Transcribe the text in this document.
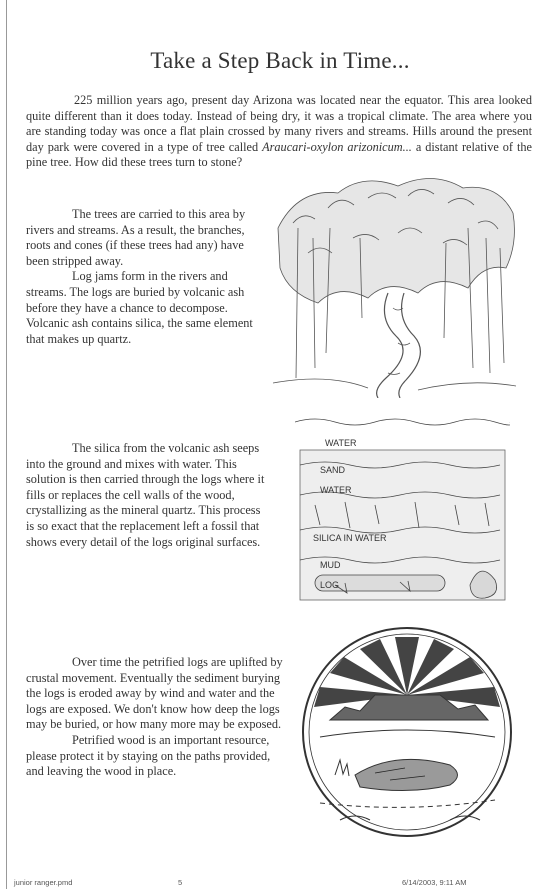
Take a Step Back in Time...
225 million years ago, present day Arizona was located near the equator. This area looked quite different than it does today. Instead of being dry, it was a tropical climate. The area where you are standing today was once a flat plain crossed by many rivers and streams. Hills around the present day park were covered in a type of tree called Araucari-oxylon arizonicum... a distant relative of the pine tree. How did these trees turn to stone?

The trees are carried to this area by rivers and streams. As a result, the branches, roots and cones (if these trees had any) have been stripped away.

Log jams form in the rivers and streams. The logs are buried by volcanic ash before they have a chance to decompose. Volcanic ash contains silica, the same element that makes up quartz.

The silica from the volcanic ash seeps into the ground and mixes with water. This solution is then carried through the logs where it fills or replaces the cell walls of the wood, crystallizing as the mineral quartz. This process is so exact that the replacement left a fossil that shows every detail of the logs original surfaces.

WATER
SAND
WATER
SILICA IN WATER
MUD
LOG

Over time the petrified logs are uplifted by crustal movement. Eventually the sediment burying the logs is eroded away by wind and water and the logs are exposed. We don't know how deep the logs may be buried, or how many more may be exposed.

Petrified wood is an important resource, please protect it by staying on the paths provided, and leaving the wood in place.

junior ranger.pmd	5	6/14/2003, 9:11 AM
